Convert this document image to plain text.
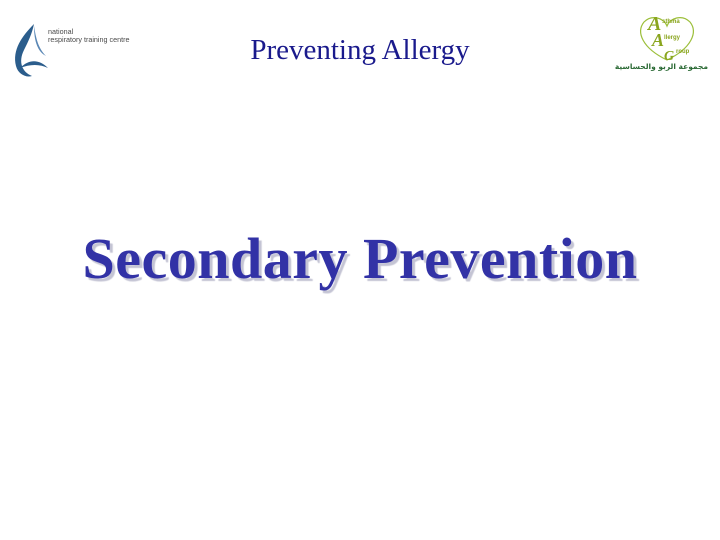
national
respiratory training centre	Preventing Allergy
A
A
G
sthma
llergy
roup
مجموعة الربو والحساسية
Secondary Prevention
